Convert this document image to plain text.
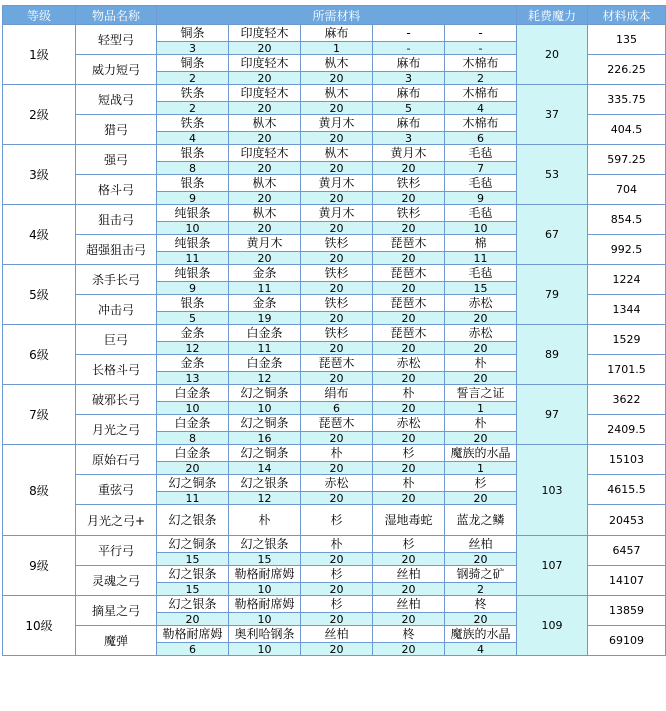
等级	物品名称	所需材料					耗费魔力	材料成本
1级	轻型弓	铜条	印度轻木	麻布	-	-	20	135
		3	20	1	-	-		
	威力短弓	铜条	印度轻木	枞木	麻布	木棉布		226.25
		2	20	20	3	2		
2级	短战弓	铁条	印度轻木	枞木	麻布	木棉布	37	335.75
		2	20	20	5	4		
	猎弓	铁条	枞木	黄月木	麻布	木棉布		404.5
		4	20	20	3	6		
3级	强弓	银条	印度轻木	枞木	黄月木	毛毡	53	597.25
		8	20	20	20	7		
	格斗弓	银条	枞木	黄月木	铁杉	毛毡		704
		9	20	20	20	9		
4级	狙击弓	纯银条	枞木	黄月木	铁杉	毛毡	67	854.5
		10	20	20	20	10		
	超强狙击弓	纯银条	黄月木	铁杉	琵琶木	棉		992.5
		11	20	20	20	11		
5级	杀手长弓	纯银条	金条	铁杉	琵琶木	毛毡	79	1224
		9	11	20	20	15		
	冲击弓	银条	金条	铁杉	琵琶木	赤松		1344
		5	19	20	20	20		
6级	巨弓	金条	白金条	铁杉	琵琶木	赤松	89	1529
		12	11	20	20	20		
	长格斗弓	金条	白金条	琵琶木	赤松	朴		1701.5
		13	12	20	20	20		
7级	破邪长弓	白金条	幻之铜条	绢布	朴	誓言之证	97	3622
		10	10	6	20	1		
	月光之弓	白金条	幻之铜条	琵琶木	赤松	朴		2409.5
		8	16	20	20	20		
8级	原始石弓	白金条	幻之铜条	朴	杉	魔族的水晶	103	15103
		20	14	20	20	1		
	重弦弓	幻之铜条	幻之银条	赤松	朴	杉		4615.5
		11	12	20	20	20		
	月光之弓+	幻之银条	朴	杉	湿地毒蛇	蓝龙之鳞		20453

9级	平行弓	幻之铜条	幻之银条	朴	杉	丝柏	107	6457
		15	15	20	20	20		
	灵魂之弓	幻之银条	勒格耐席姆	杉	丝柏	钢骑之矿		14107
		15	10	20	20	2		
10级	摘星之弓	幻之银条	勒格耐席姆	杉	丝柏	柊	109	13859
		20	10	20	20	20		
	魔弹	勒格耐席姆	奥利哈钢条	丝柏	柊	魔族的水晶		69109
		6	10	20	20	4		
